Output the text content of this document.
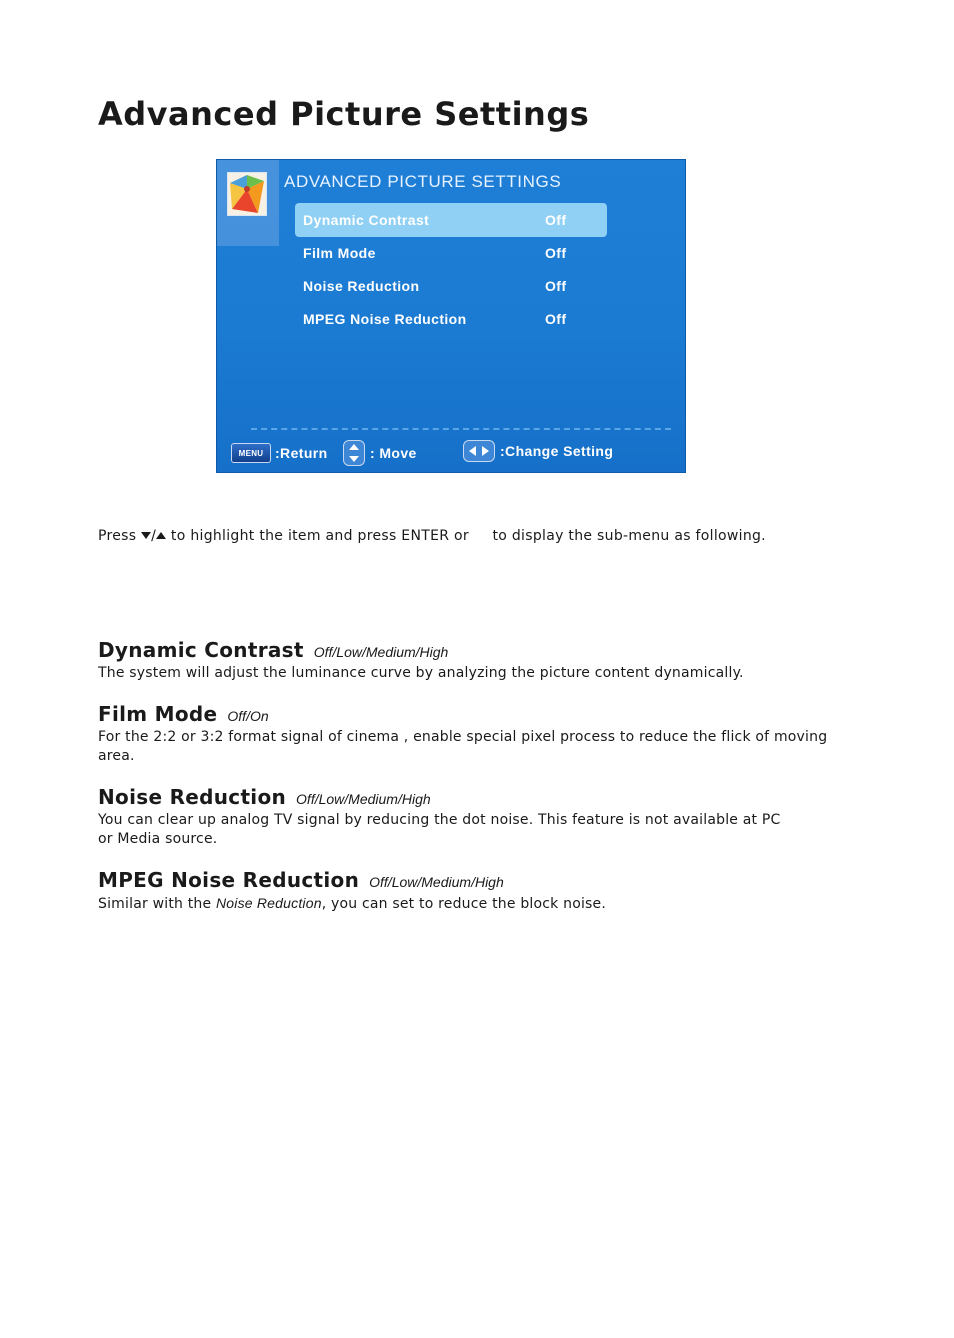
Advanced Picture Settings
ADVANCED PICTURE SETTINGS
Dynamic Contrast	Off
Film Mode	Off
Noise Reduction	Off
MPEG Noise Reduction	Off
MENU :Return	: Move	:Change Setting
Press / to highlight the item and press ENTER or to display the sub-menu as following.
Dynamic Contrast Off/Low/Medium/High

The system will adjust the luminance curve by analyzing the picture content dynamically.

Film Mode Off/On

For the 2:2 or 3:2 format signal of cinema , enable special pixel process to reduce the flick of moving area.

Noise Reduction Off/Low/Medium/High

You can clear up analog TV signal by reducing the dot noise. This feature is not available at PC
or Media source.

MPEG Noise Reduction Off/Low/Medium/High

Similar with the Noise Reduction, you can set to reduce the block noise.
